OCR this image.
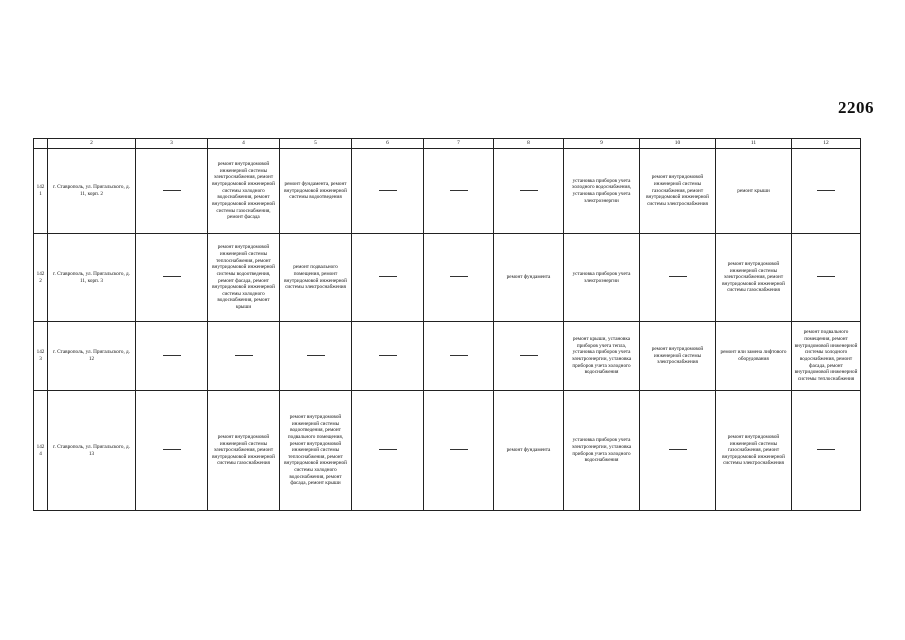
2206
	2	3	4	5	6	7	8	9	10	11	12
1421	г. Ставрополь, ул. Пригальского, д. 11, корп. 2		ремонт внутридомовой инженерной системы электроснабжения, ремонт внутридомовой инженерной системы холодного водоснабжения, ремонт внутридомовой инженерной системы газоснабжения, ремонт фасада	ремонт фундамента, ремонт внутридомовой инженерной системы водоотведения				установка приборов учета холодного водоснабжения, установка приборов учета электроэнергии	ремонт внутридомовой инженерной системы газоснабжения, ремонт внутридомовой инженерной системы электроснабжения	ремонт крыши	
1422	г. Ставрополь, ул. Пригальского, д. 11, корп. 3		ремонт внутридомовой инженерной системы теплоснабжения, ремонт внутридомовой инженерной системы водоотведения, ремонт фасада, ремонт внутридомовой инженерной системы холодного водоснабжения, ремонт крыши	ремонт подвального помещения, ремонт внутридомовой инженерной системы электроснабжения			ремонт фундамента	установка приборов учета электроэнергии		ремонт внутридомовой инженерной системы электроснабжения, ремонт внутридомовой инженерной системы газоснабжения	
1423	г. Ставрополь, ул. Пригальского, д. 12							ремонт крыши, установка приборов учета тепла, установка приборов учета электроэнергии, установка приборов учета холодного водоснабжения	ремонт внутридомовой инженерной системы электроснабжения	ремонт или замена лифтового оборудования	ремонт подвального помещения, ремонт внутридомовой инженерной системы холодного водоснабжения, ремонт фасада, ремонт внутридомовой инженерной системы теплоснабжения
1424	г. Ставрополь, ул. Пригальского, д. 13		ремонт внутридомовой инженерной системы электроснабжения, ремонт внутридомовой инженерной системы газоснабжения	ремонт внутридомовой инженерной системы водоотведения, ремонт подвального помещения, ремонт внутридомовой инженерной системы теплоснабжения, ремонт внутридомовой инженерной системы холодного водоснабжения, ремонт фасада, ремонт крыши			ремонт фундамента	установка приборов учета электроэнергии, установка приборов учета холодного водоснабжения		ремонт внутридомовой инженерной системы газоснабжения, ремонт внутридомовой инженерной системы электроснабжения	
